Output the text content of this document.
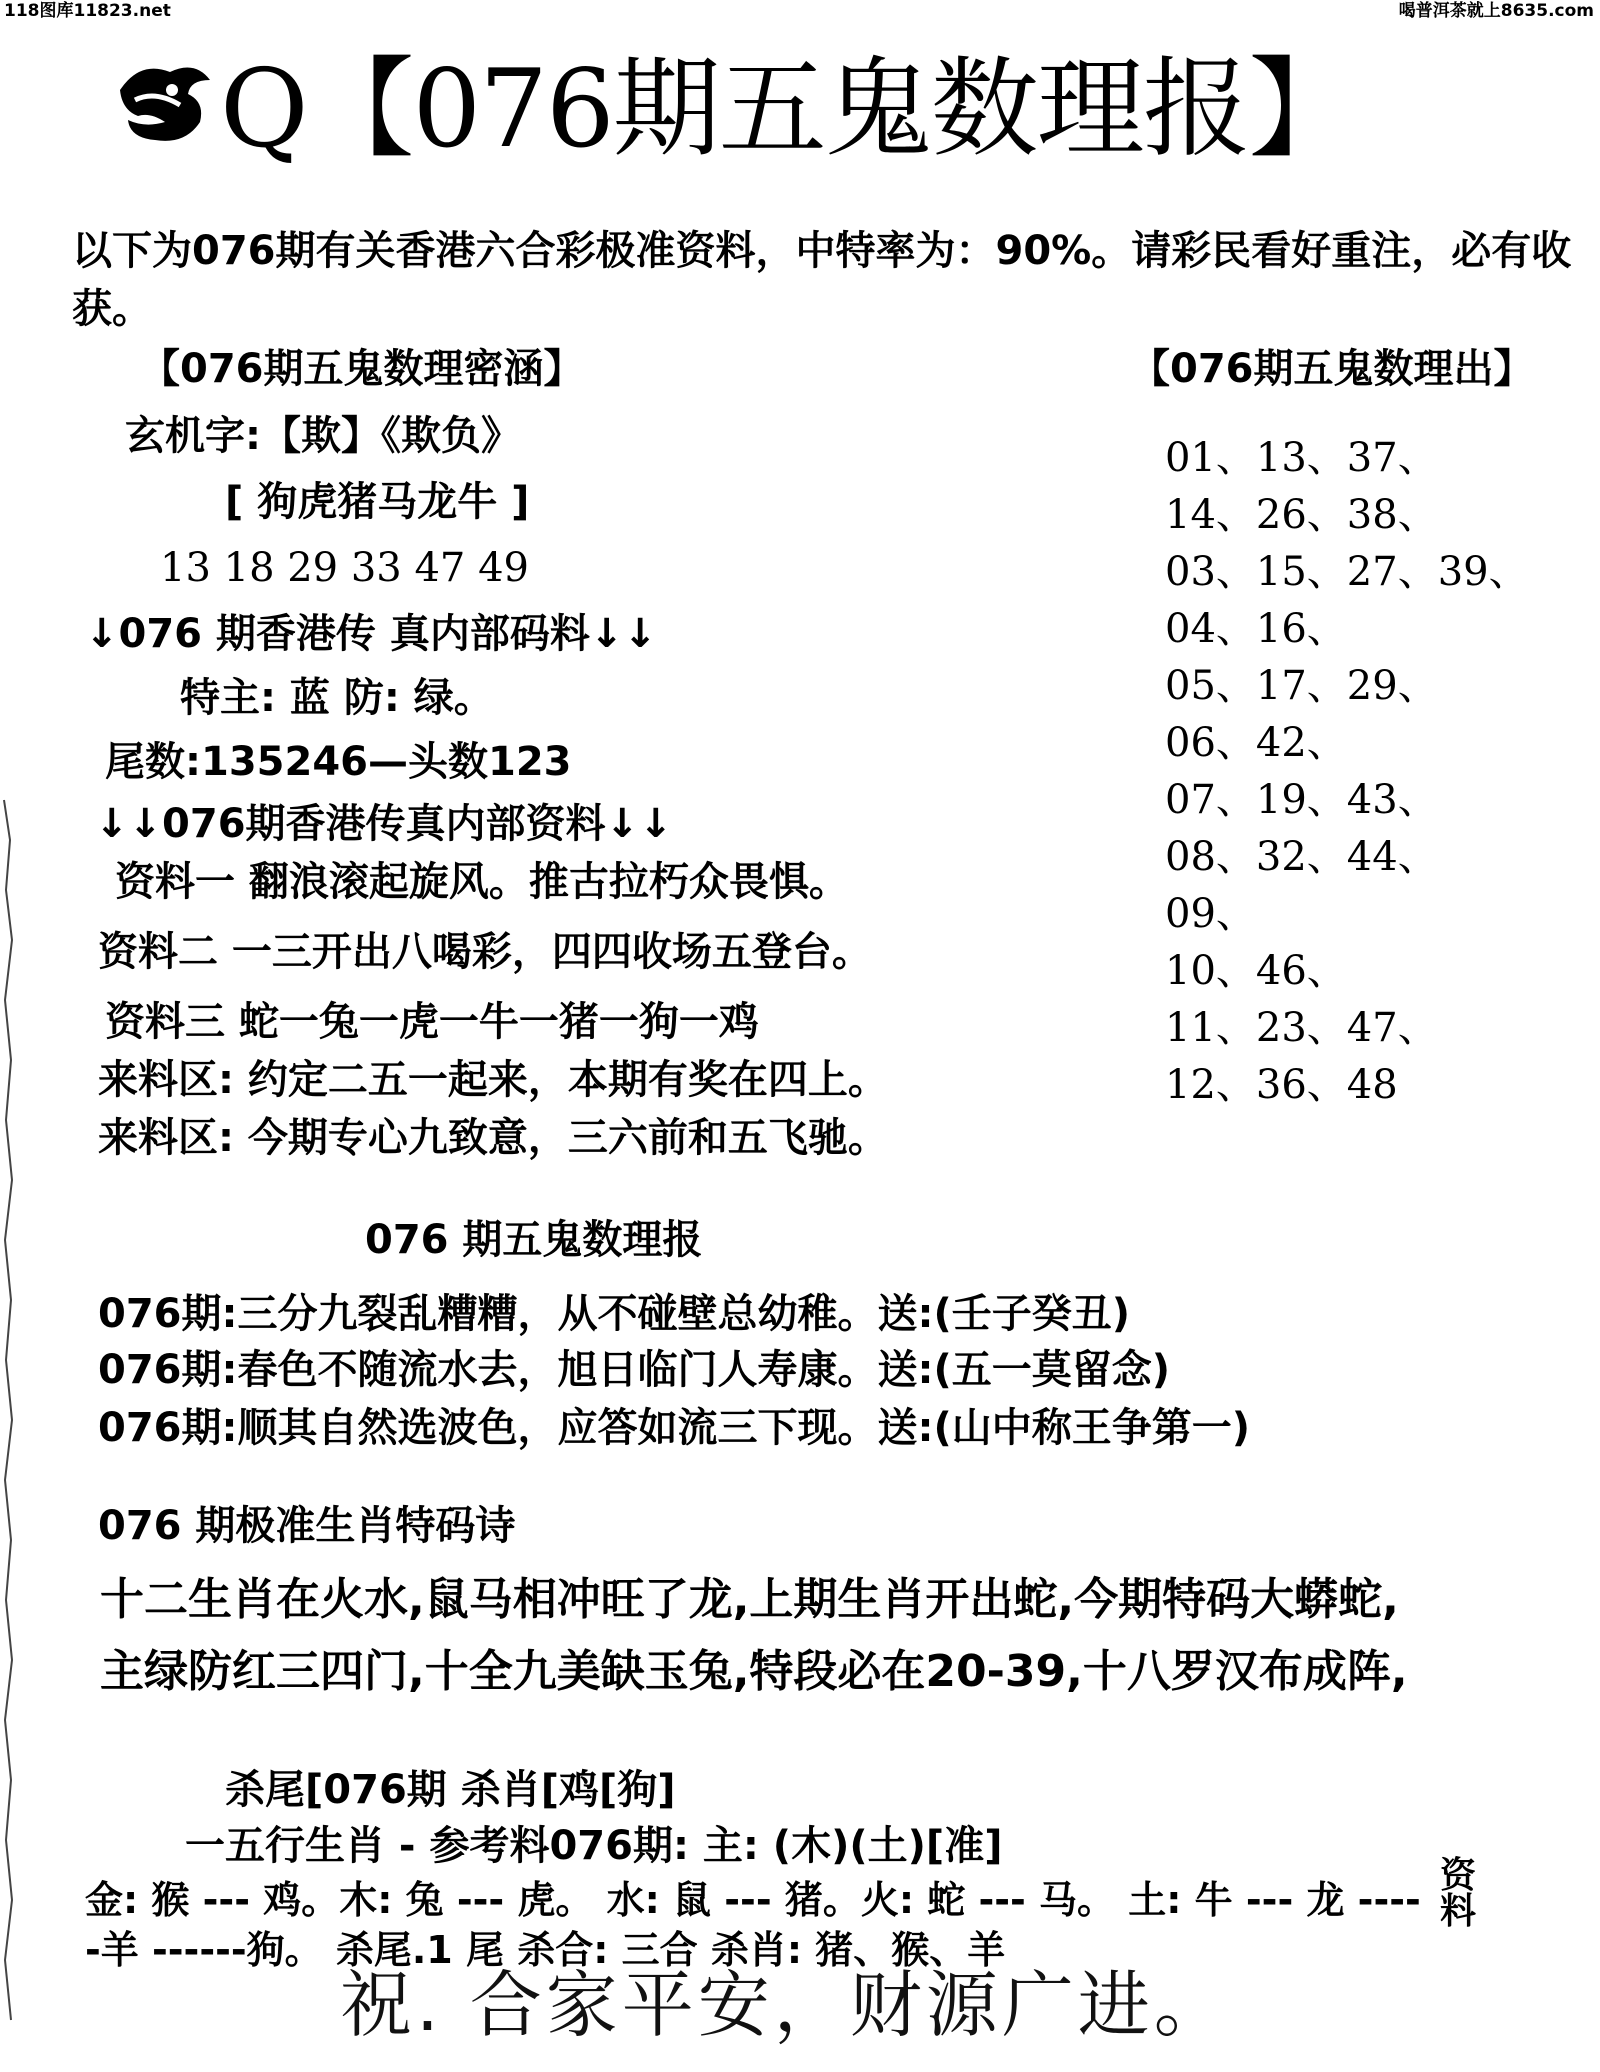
118图库11823.net	喝普洱茶就上8635.com
Q【076期五鬼数理报】
以下为076期有关香港六合彩极准资料，中特率为：90%。请彩民看好重注，必有收获。
【076期五鬼数理密涵】
玄机字:【欺】《欺负》
[ 狗虎猪马龙牛 ]
13 18 29 33 47 49
↓076 期香港传 真内部码料↓↓
特主: 蓝 防: 绿。
尾数:135246—头数123
↓↓076期香港传真内部资料↓↓
资料一 翻浪滚起旋风。推古拉朽众畏惧。
资料二 一三开出八喝彩，四四收场五登台。
资料三 蛇一兔一虎一牛一猪一狗一鸡
来料区: 约定二五一起来，本期有奖在四上。
来料区: 今期专心九致意，三六前和五飞驰。
【076期五鬼数理出】
01、13、37、
14、26、38、
03、15、27、39、
04、16、
05、17、29、
06、42、
07、19、43、
08、32、44、
09、
10、46、
11、23、47、
12、36、48
076 期五鬼数理报
076期:三分九裂乱糟糟，从不碰壁总幼稚。送:(壬子癸丑)
076期:春色不随流水去，旭日临门人寿康。送:(五一莫留念)
076期:顺其自然选波色，应答如流三下现。送:(山中称王争第一)
076 期极准生肖特码诗
十二生肖在火水,鼠马相冲旺了龙,上期生肖开出蛇,今期特码大蟒蛇,
主绿防红三四门,十全九美缺玉兔,特段必在20-39,十八罗汉布成阵,
杀尾[076期 杀肖[鸡[狗]
一五行生肖 - 参考料076期: 主: (木)(土)[准]
金: 猴 --- 鸡。木: 兔 --- 虎。 水: 鼠 --- 猪。火: 蛇 --- 马。 土: 牛 --- 龙 ----
-羊 ------狗。 杀尾.1 尾 杀合: 三合 杀肖: 猪、猴、羊
资料
祝. 合家平安，财源广进。
